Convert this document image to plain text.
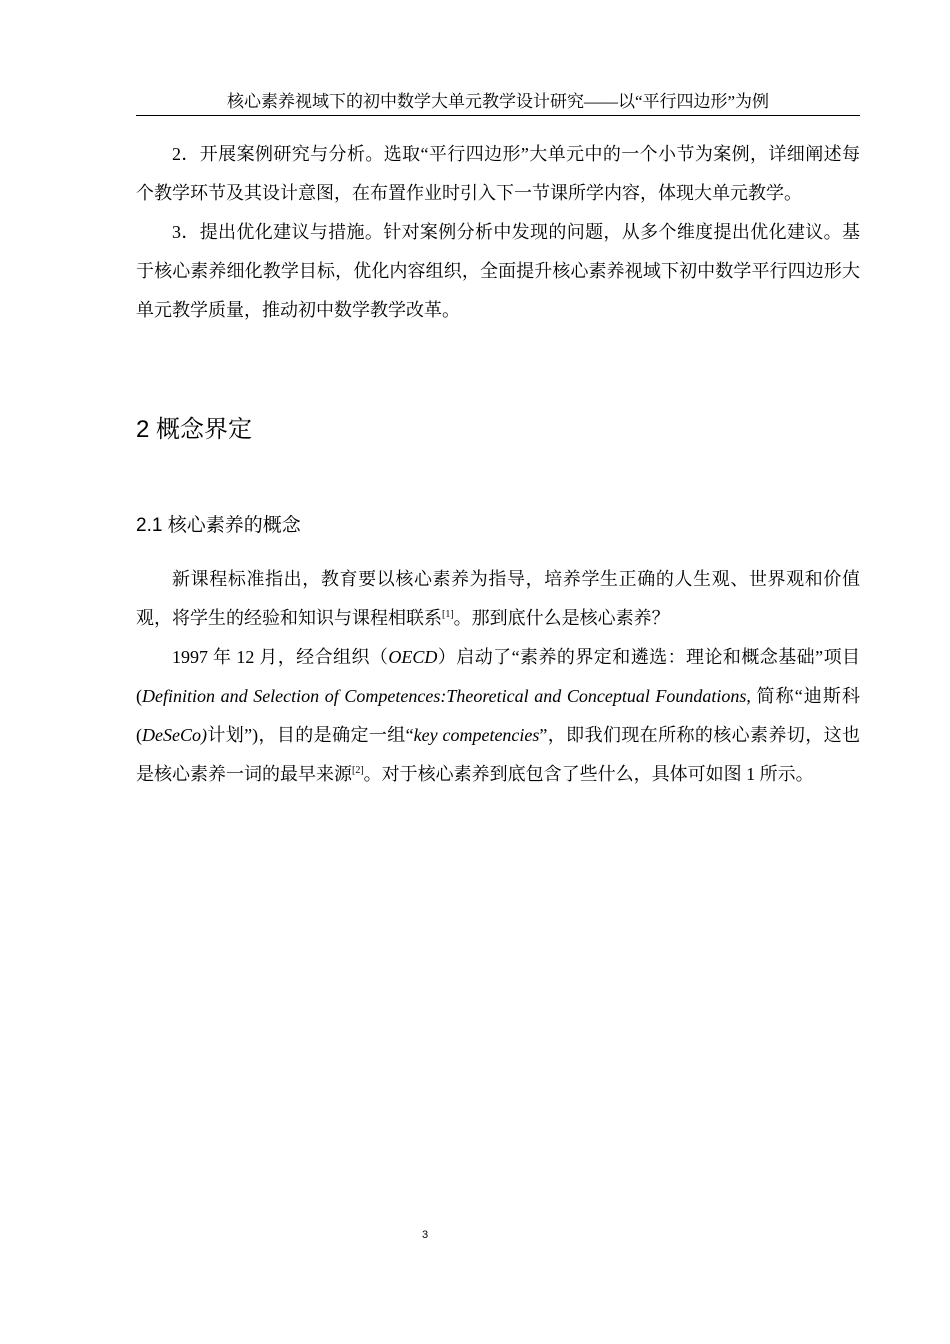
核心素养视域下的初中数学大单元教学设计研究——以“平行四边形”为例

2．开展案例研究与分析。选取“平行四边形”大单元中的一个小节为案例，详细阐述每个教学环节及其设计意图，在布置作业时引入下一节课所学内容，体现大单元教学。

3．提出优化建议与措施。针对案例分析中发现的问题，从多个维度提出优化建议。基于核心素养细化教学目标，优化内容组织，全面提升核心素养视域下初中数学平行四边形大单元教学质量，推动初中数学教学改革。

2 概念界定
2.1 核心素养的概念

新课程标准指出，教育要以核心素养为指导，培养学生正确的人生观、世界观和价值观，将学生的经验和知识与课程相联系[1]。那到底什么是核心素养？

1997 年 12 月，经合组织（OECD）启动了“素养的界定和遴选：理论和概念基础”项目(Definition and Selection of Competences:Theoretical and Conceptual Foundations, 简称“迪斯科(DeSeCo)计划”)，目的是确定一组“key competencies”，即我们现在所称的核心素养切，这也是核心素养一词的最早来源[2]。对于核心素养到底包含了些什么，具体可如图 1 所示。

3
